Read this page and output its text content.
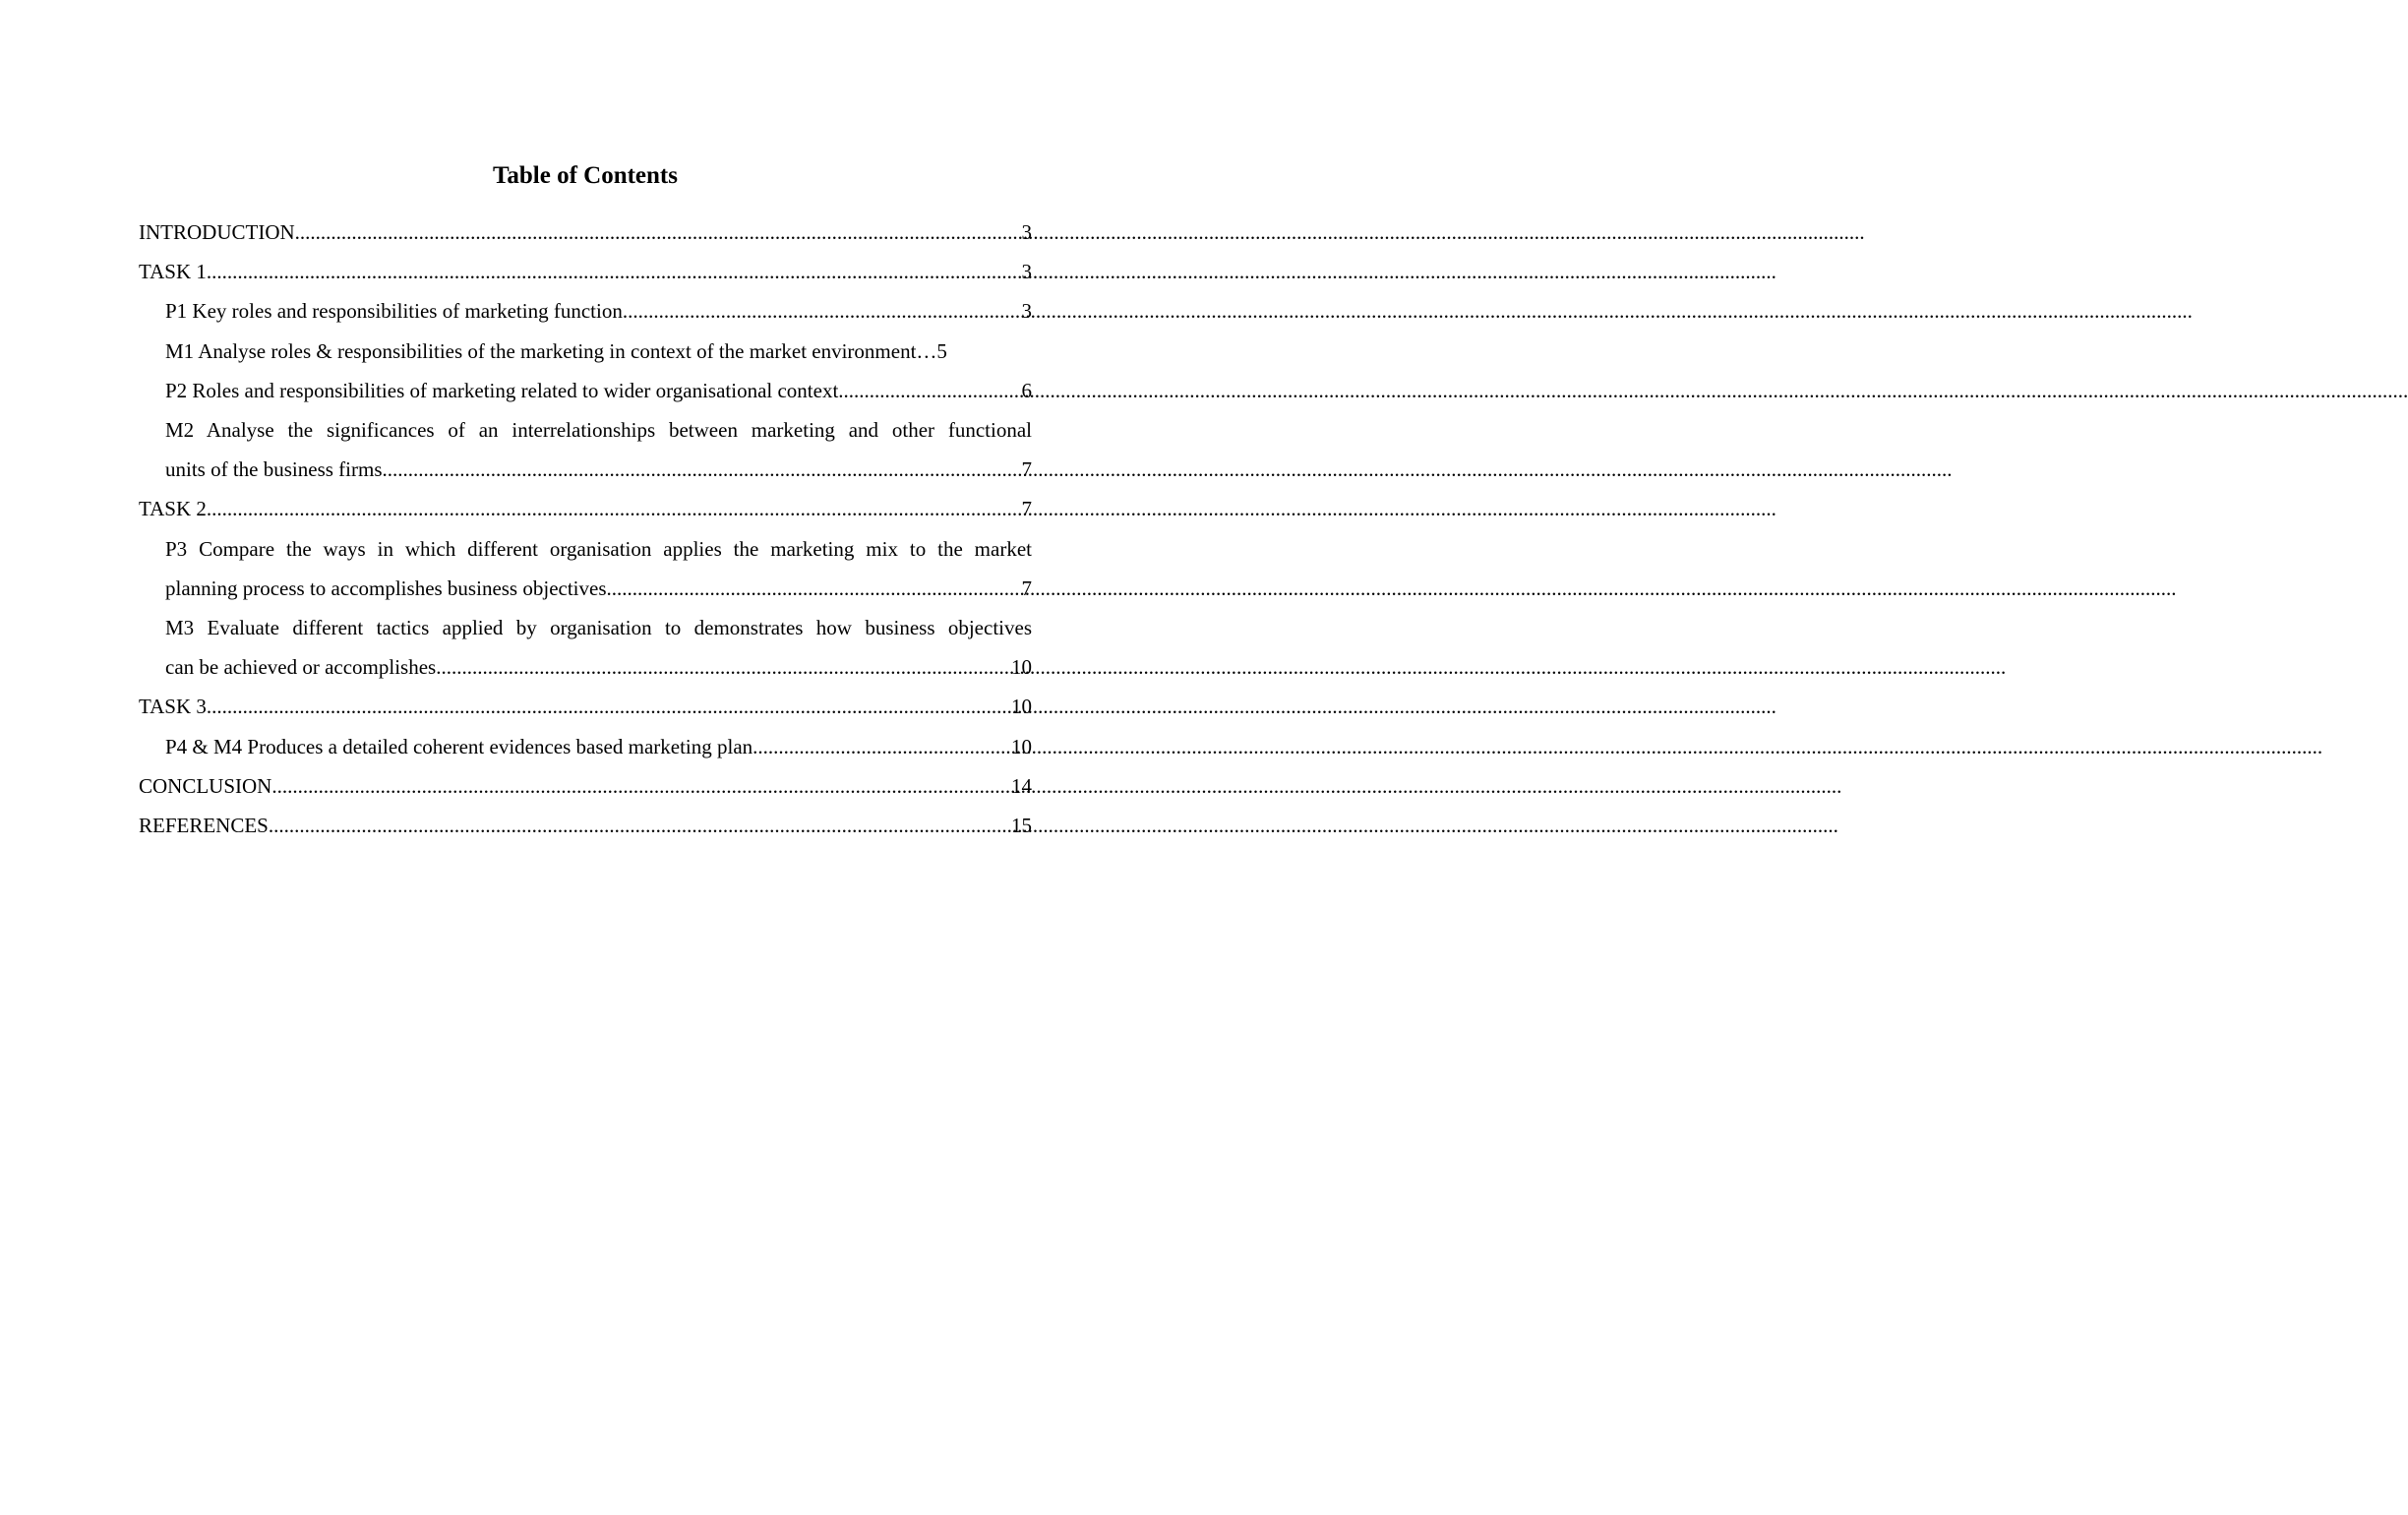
Table of Contents
INTRODUCTION .....	3
TASK 1 .....	3
P1 Key roles and responsibilities of marketing function .....	3
M1 Analyse roles & responsibilities of the marketing in context of the market environment… 5
P2 Roles and responsibilities of marketing related to wider organisational context .....	6
M2 Analyse the significances of an interrelationships between marketing and other functional
units of the business firms .....	7
TASK 2 .....	7
P3 Compare the ways in which different organisation applies the marketing mix to the market
planning process to accomplishes business objectives .....	7
M3 Evaluate different tactics applied by organisation to demonstrates how business objectives
can be achieved or accomplishes .....	10
TASK 3 .....	10
P4 & M4 Produces a detailed coherent evidences based marketing plan .....	10
CONCLUSION .....	14
REFERENCES .....	15
